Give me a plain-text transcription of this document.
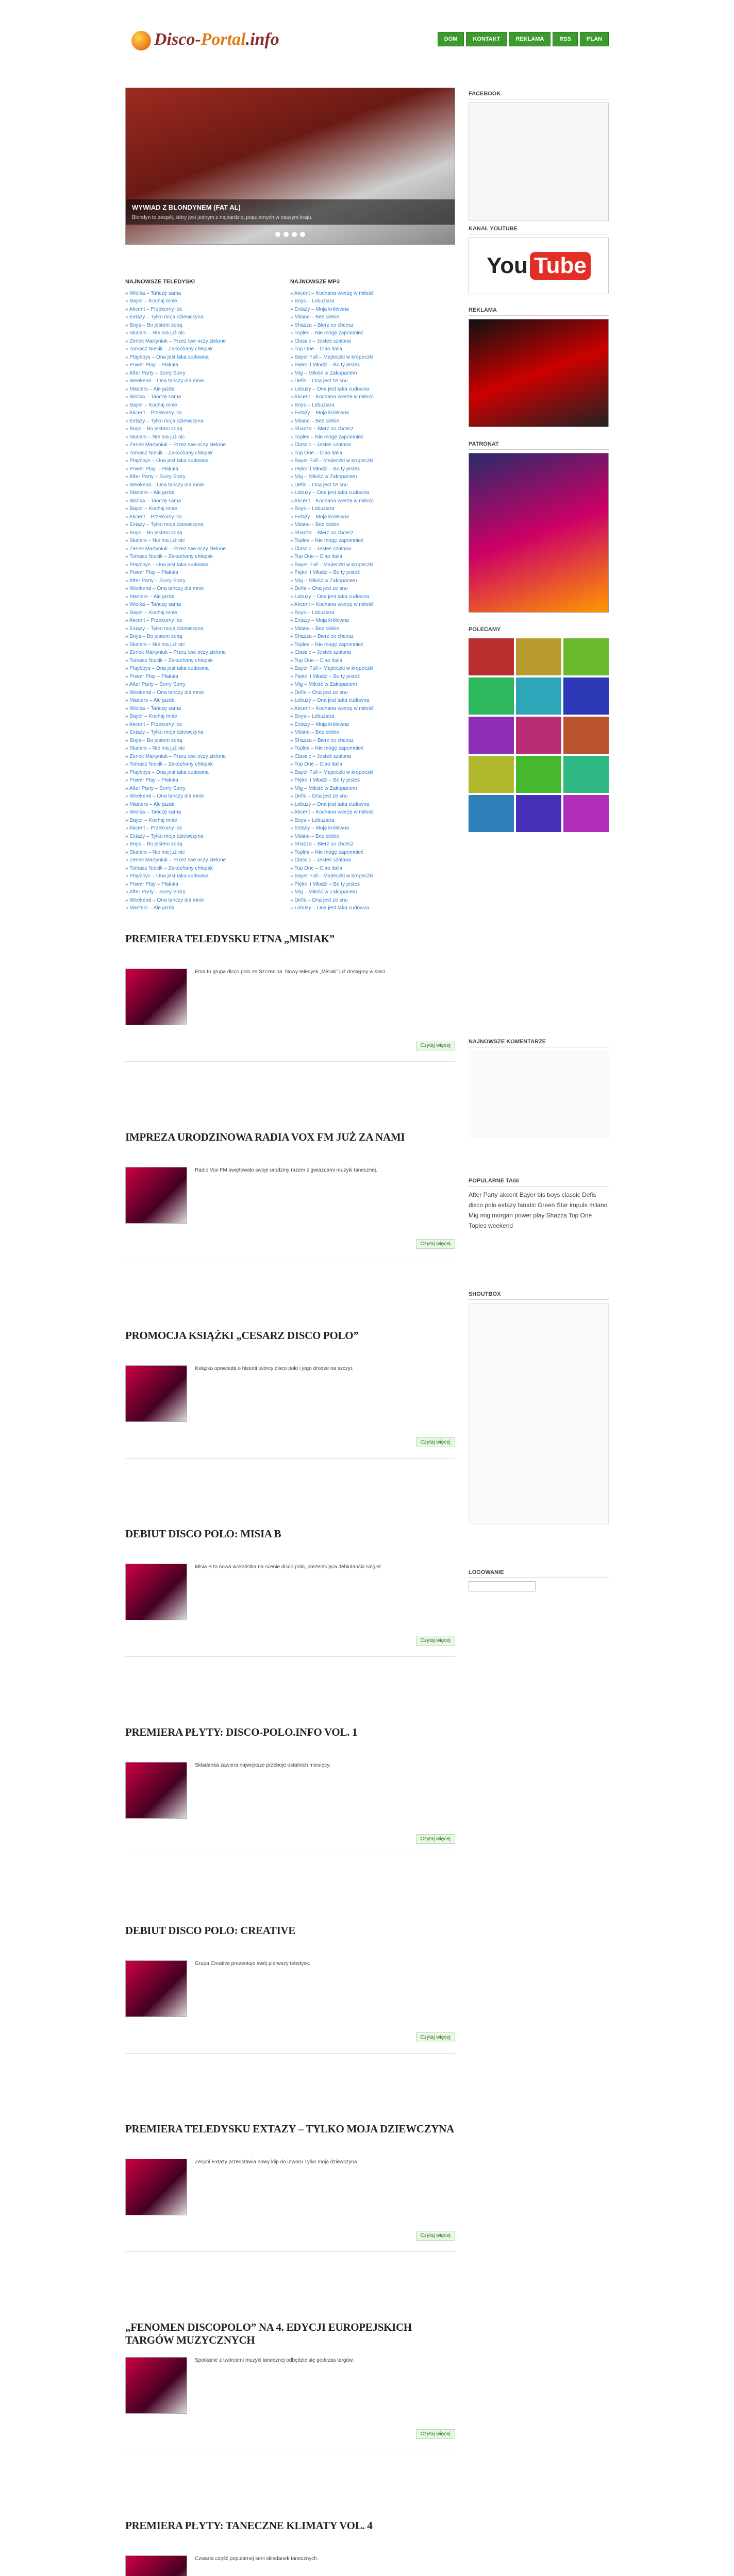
Disco-Portal.info	DOM	KONTAKT	REKLAMA	RSS	PLAN
WYWIAD Z BLONDYNEM (FAT AL)
Blondyn to zespół, który jest jednym z najbardziej popularnych w naszym kraju.
NAJNOWSZE TELEDYSKI
» Wiolka – Tańczę sama
» Bayer – Kochaj mnie
» Akcent – Przekorny los
» Extazy – Tylko moja dziewczyna
» Boys – Bo jestem sobą
» Skalars – Nie ma już nic
» Zenek Martyniuk – Przez twe oczy zielone
» Tomasz Niecik – Zakochany chłopak
» Playboys – Ona jest taka cudowna
» Power Play – Płakała
» After Party – Sorry Sorry
» Weekend – Ona tańczy dla mnie
» Masters – Ale jazda
» Wiolka – Tańczę sama
» Bayer – Kochaj mnie
» Akcent – Przekorny los
» Extazy – Tylko moja dziewczyna
» Boys – Bo jestem sobą
» Skalars – Nie ma już nic
» Zenek Martyniuk – Przez twe oczy zielone
» Tomasz Niecik – Zakochany chłopak
» Playboys – Ona jest taka cudowna
» Power Play – Płakała
» After Party – Sorry Sorry
» Weekend – Ona tańczy dla mnie
» Masters – Ale jazda
» Wiolka – Tańczę sama
» Bayer – Kochaj mnie
» Akcent – Przekorny los
» Extazy – Tylko moja dziewczyna
» Boys – Bo jestem sobą
» Skalars – Nie ma już nic
» Zenek Martyniuk – Przez twe oczy zielone
» Tomasz Niecik – Zakochany chłopak
» Playboys – Ona jest taka cudowna
» Power Play – Płakała
» After Party – Sorry Sorry
» Weekend – Ona tańczy dla mnie
» Masters – Ale jazda
» Wiolka – Tańczę sama
» Bayer – Kochaj mnie
» Akcent – Przekorny los
» Extazy – Tylko moja dziewczyna
» Boys – Bo jestem sobą
» Skalars – Nie ma już nic
» Zenek Martyniuk – Przez twe oczy zielone
» Tomasz Niecik – Zakochany chłopak
» Playboys – Ona jest taka cudowna
» Power Play – Płakała
» After Party – Sorry Sorry
» Weekend – Ona tańczy dla mnie
» Masters – Ale jazda
» Wiolka – Tańczę sama
» Bayer – Kochaj mnie
» Akcent – Przekorny los
» Extazy – Tylko moja dziewczyna
» Boys – Bo jestem sobą
» Skalars – Nie ma już nic
» Zenek Martyniuk – Przez twe oczy zielone
» Tomasz Niecik – Zakochany chłopak
» Playboys – Ona jest taka cudowna
» Power Play – Płakała
» After Party – Sorry Sorry
» Weekend – Ona tańczy dla mnie
» Masters – Ale jazda
» Wiolka – Tańczę sama
» Bayer – Kochaj mnie
» Akcent – Przekorny los
» Extazy – Tylko moja dziewczyna
» Boys – Bo jestem sobą
» Skalars – Nie ma już nic
» Zenek Martyniuk – Przez twe oczy zielone
» Tomasz Niecik – Zakochany chłopak
» Playboys – Ona jest taka cudowna
» Power Play – Płakała
» After Party – Sorry Sorry
» Weekend – Ona tańczy dla mnie
» Masters – Ale jazda
NAJNOWSZE MP3
» Akcent – Kochana wierzę w miłość
» Boys – Łobuziara
» Extazy – Moja królewna
» Milano – Bez ciebie
» Shazza – Bierz co chcesz
» Toples – Nie mogę zapomnieć
» Classic – Jesteś szalona
» Top One – Ciao italia
» Bayer Full – Majteczki w kropeczki
» Piękni i Młodzi – Bo ty jesteś
» Mig – Miłość w Zakopanem
» Defis – Ona jest ze snu
» Łobuzy – Ona jest taka cudowna
» Akcent – Kochana wierzę w miłość
» Boys – Łobuziara
» Extazy – Moja królewna
» Milano – Bez ciebie
» Shazza – Bierz co chcesz
» Toples – Nie mogę zapomnieć
» Classic – Jesteś szalona
» Top One – Ciao italia
» Bayer Full – Majteczki w kropeczki
» Piękni i Młodzi – Bo ty jesteś
» Mig – Miłość w Zakopanem
» Defis – Ona jest ze snu
» Łobuzy – Ona jest taka cudowna
» Akcent – Kochana wierzę w miłość
» Boys – Łobuziara
» Extazy – Moja królewna
» Milano – Bez ciebie
» Shazza – Bierz co chcesz
» Toples – Nie mogę zapomnieć
» Classic – Jesteś szalona
» Top One – Ciao italia
» Bayer Full – Majteczki w kropeczki
» Piękni i Młodzi – Bo ty jesteś
» Mig – Miłość w Zakopanem
» Defis – Ona jest ze snu
» Łobuzy – Ona jest taka cudowna
» Akcent – Kochana wierzę w miłość
» Boys – Łobuziara
» Extazy – Moja królewna
» Milano – Bez ciebie
» Shazza – Bierz co chcesz
» Toples – Nie mogę zapomnieć
» Classic – Jesteś szalona
» Top One – Ciao italia
» Bayer Full – Majteczki w kropeczki
» Piękni i Młodzi – Bo ty jesteś
» Mig – Miłość w Zakopanem
» Defis – Ona jest ze snu
» Łobuzy – Ona jest taka cudowna
» Akcent – Kochana wierzę w miłość
» Boys – Łobuziara
» Extazy – Moja królewna
» Milano – Bez ciebie
» Shazza – Bierz co chcesz
» Toples – Nie mogę zapomnieć
» Classic – Jesteś szalona
» Top One – Ciao italia
» Bayer Full – Majteczki w kropeczki
» Piękni i Młodzi – Bo ty jesteś
» Mig – Miłość w Zakopanem
» Defis – Ona jest ze snu
» Łobuzy – Ona jest taka cudowna
» Akcent – Kochana wierzę w miłość
» Boys – Łobuziara
» Extazy – Moja królewna
» Milano – Bez ciebie
» Shazza – Bierz co chcesz
» Toples – Nie mogę zapomnieć
» Classic – Jesteś szalona
» Top One – Ciao italia
» Bayer Full – Majteczki w kropeczki
» Piękni i Młodzi – Bo ty jesteś
» Mig – Miłość w Zakopanem
» Defis – Ona jest ze snu
» Łobuzy – Ona jest taka cudowna
PREMIERA TELEDYSKU ETNA „MISIAK”

Etna to grupa disco polo ze Szczecina. Nowy teledysk „Misiak” już dostępny w sieci.

Czytaj więcej
IMPREZA URODZINOWA RADIA VOX FM JUŻ ZA NAMI

Radio Vox FM świętowało swoje urodziny razem z gwiazdami muzyki tanecznej.

Czytaj więcej
PROMOCJA KSIĄŻKI „CESARZ DISCO POLO”

Książka opowiada o historii twórcy disco polo i jego drodze na szczyt.

Czytaj więcej
DEBIUT DISCO POLO: MISIA B

Misia B to nowa wokalistka na scenie disco polo, prezentująca debiutancki singiel.

Czytaj więcej
PREMIERA PŁYTY: DISCO-POLO.INFO VOL. 1

Składanka zawiera największe przeboje ostatnich miesięcy.

Czytaj więcej
DEBIUT DISCO POLO: CREATIVE

Grupa Creative prezentuje swój pierwszy teledysk.

Czytaj więcej
PREMIERA TELEDYSKU EXTAZY – TYLKO MOJA DZIEWCZYNA

Zespół Extazy przedstawia nowy klip do utworu Tylko moja dziewczyna.

Czytaj więcej
„FENOMEN DISCOPOLO” NA 4. EDYCJI EUROPEJSKICH TARGÓW MUZYCZNYCH

Spotkanie z twórcami muzyki tanecznej odbędzie się podczas targów.

Czytaj więcej
PREMIERA PŁYTY: TANECZNE KLIMATY VOL. 4

Czwarta część popularnej serii składanek tanecznych.

FACEBOOK
KANAŁ YOUTUBE
You Tube
REKLAMA
PATRONAT
POLECAMY
NAJNOWSZE KOMENTARZE
POPULARNE TAGI
After Party akcent Bayer bis boys classic Defis disco polo extazy fanatic Green Star impuls milano Mig mig morgan power play Shazza Top One Toples weekend
SHOUTBOX
LOGOWANIE
